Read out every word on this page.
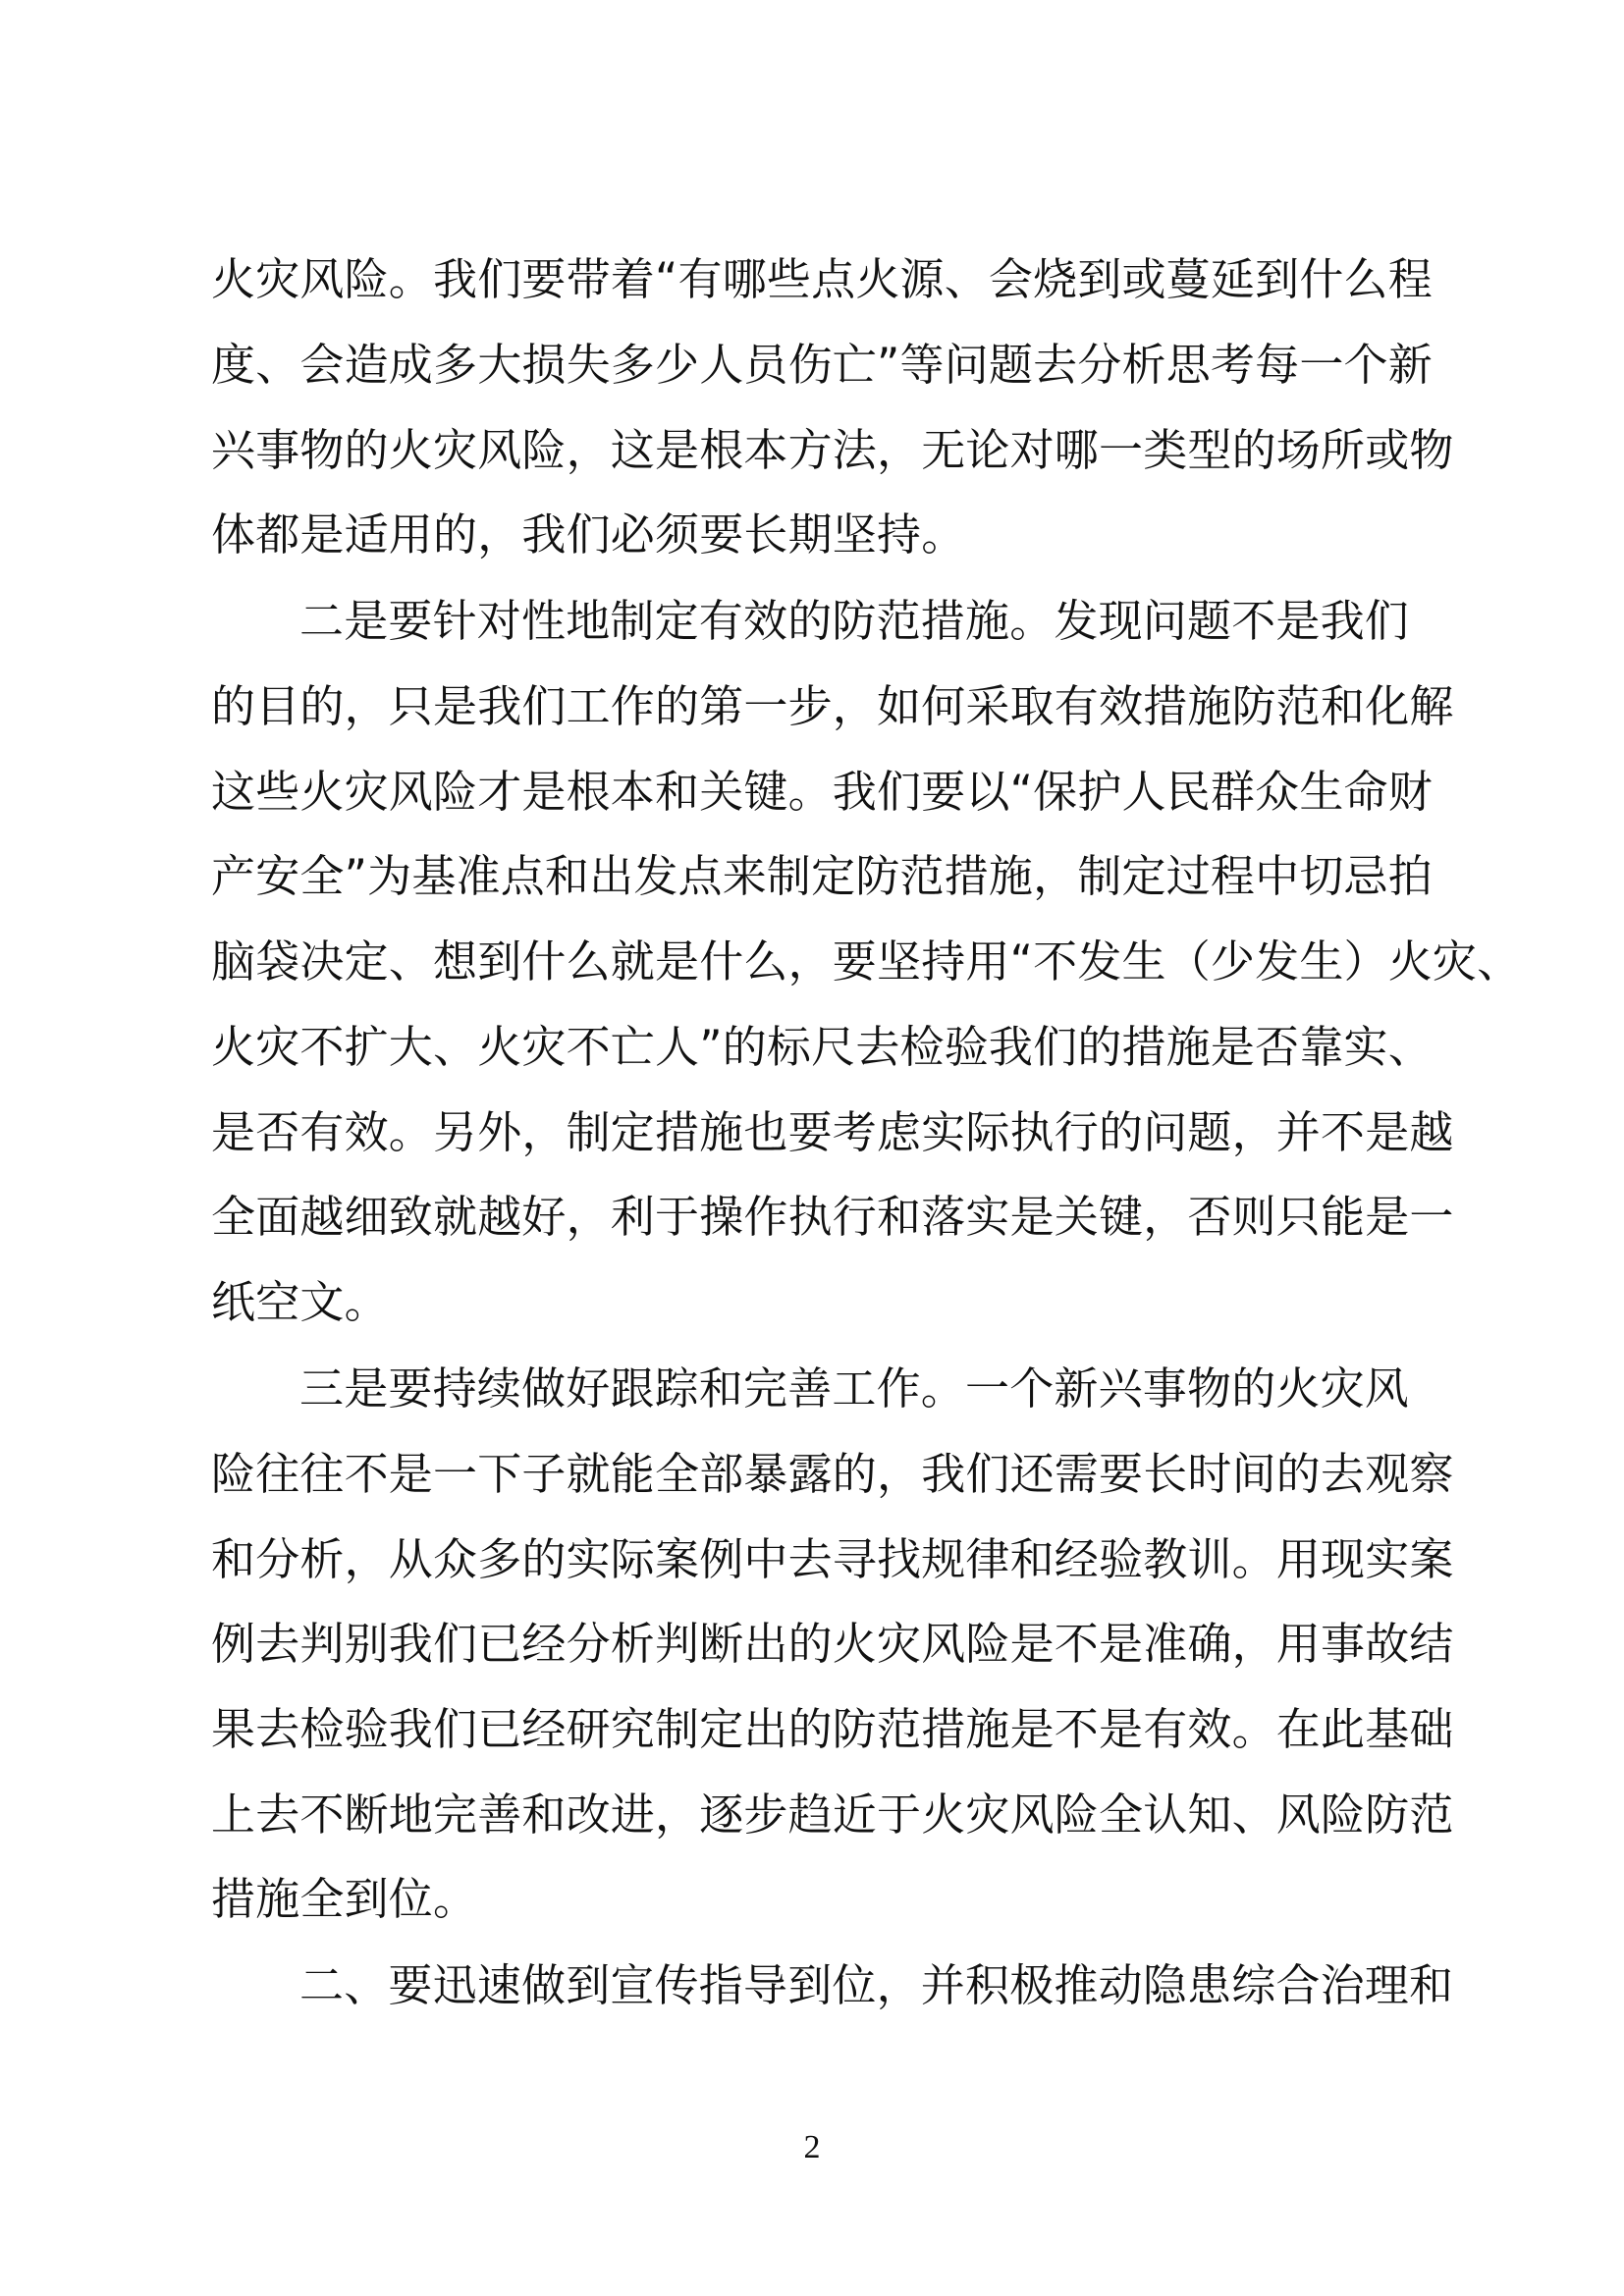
火灾风险。我们要带着“有哪些点火源、会烧到或蔓延到什么程
度、会造成多大损失多少人员伤亡”等问题去分析思考每一个新
兴事物的火灾风险，这是根本方法，无论对哪一类型的场所或物
体都是适用的，我们必须要长期坚持。
二是要针对性地制定有效的防范措施。发现问题不是我们
的目的，只是我们工作的第一步，如何采取有效措施防范和化解
这些火灾风险才是根本和关键。我们要以“保护人民群众生命财
产安全”为基准点和出发点来制定防范措施，制定过程中切忌拍
脑袋决定、想到什么就是什么，要坚持用“不发生（少发生）火灾、
火灾不扩大、火灾不亡人”的标尺去检验我们的措施是否靠实、
是否有效。另外，制定措施也要考虑实际执行的问题，并不是越
全面越细致就越好，利于操作执行和落实是关键，否则只能是一
纸空文。
三是要持续做好跟踪和完善工作。一个新兴事物的火灾风
险往往不是一下子就能全部暴露的，我们还需要长时间的去观察
和分析，从众多的实际案例中去寻找规律和经验教训。用现实案
例去判别我们已经分析判断出的火灾风险是不是准确，用事故结
果去检验我们已经研究制定出的防范措施是不是有效。在此基础
上去不断地完善和改进，逐步趋近于火灾风险全认知、风险防范
措施全到位。
二、要迅速做到宣传指导到位，并积极推动隐患综合治理和
2
